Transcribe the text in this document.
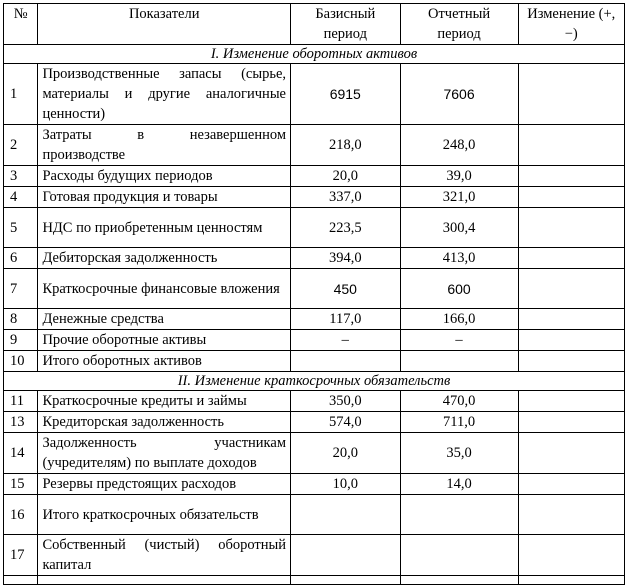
№	Показатели	Базисный период	Отчетный период	Изменение (+, −)
I. Изменение оборотных активов				
1	Производственные запасы (сырье, материалы и другие аналогичные ценности)	6915	7606	
2	Затраты в незавершенном производстве	218,0	248,0	
3	Расходы будущих периодов	20,0	39,0	
4	Готовая продукция и товары	337,0	321,0	
5	НДС по приобретенным ценностям	223,5	300,4	
6	Дебиторская задолженность	394,0	413,0	
7	Краткосрочные финансовые вложения	450	600	
8	Денежные средства	117,0	166,0	
9	Прочие оборотные активы	–	–	
10	Итого оборотных активов			
II. Изменение краткосрочных обязательств				
11	Краткосрочные кредиты и займы	350,0	470,0	
13	Кредиторская задолженность	574,0	711,0	
14	Задолженность участникам (учредителям) по выплате доходов	20,0	35,0	
15	Резервы предстоящих расходов	10,0	14,0	
16	Итого краткосрочных обязательств			
17	Собственный (чистый) оборотный капитал			
